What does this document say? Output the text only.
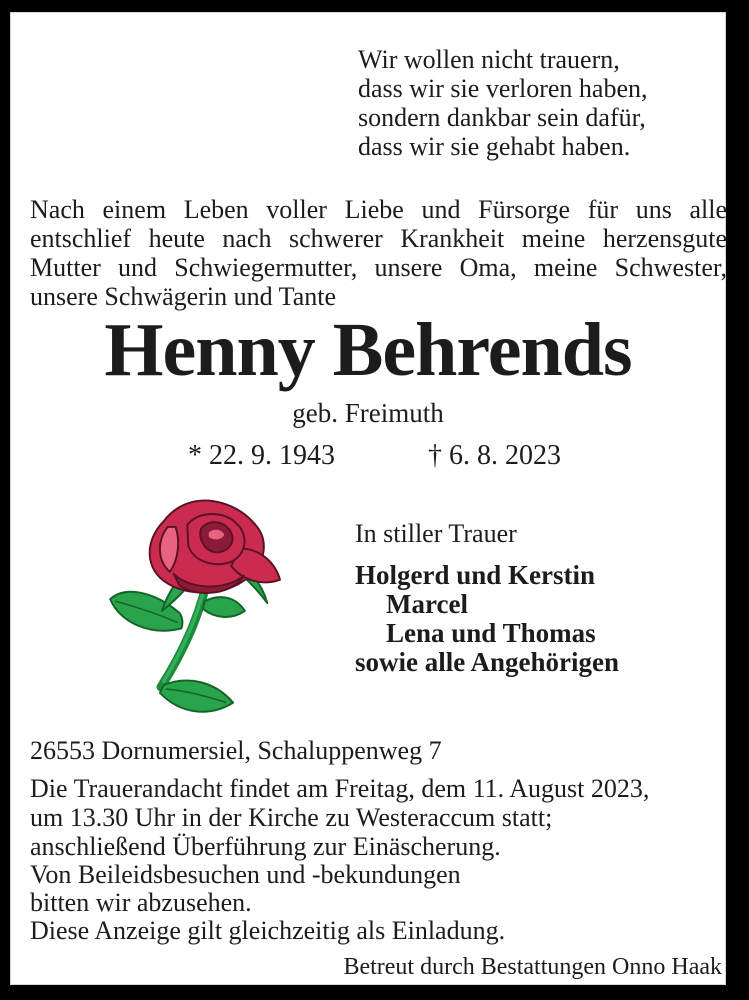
Wir wollen nicht trauern,
dass wir sie verloren haben,
sondern dankbar sein dafür,
dass wir sie gehabt haben.
Nach einem Leben voller Liebe und Fürsorge für uns alle
entschlief heute nach schwerer Krankheit meine herzensgute
Mutter und Schwiegermutter, unsere Oma, meine Schwester,
unsere Schwägerin und Tante
Henny Behrends
geb. Freimuth
* 22. 9. 1943	† 6. 8. 2023
In stiller Trauer
Holgerd und Kerstin
Marcel
Lena und Thomas
sowie alle Angehörigen
26553 Dornumersiel, Schaluppenweg 7
Die Trauerandacht findet am Freitag, dem 11. August 2023,
um 13.30 Uhr in der Kirche zu Westeraccum statt;
anschließend Überführung zur Einäscherung.
Von Beileidsbesuchen und -bekundungen
bitten wir abzusehen.
Diese Anzeige gilt gleichzeitig als Einladung.
Betreut durch Bestattungen Onno Haak
